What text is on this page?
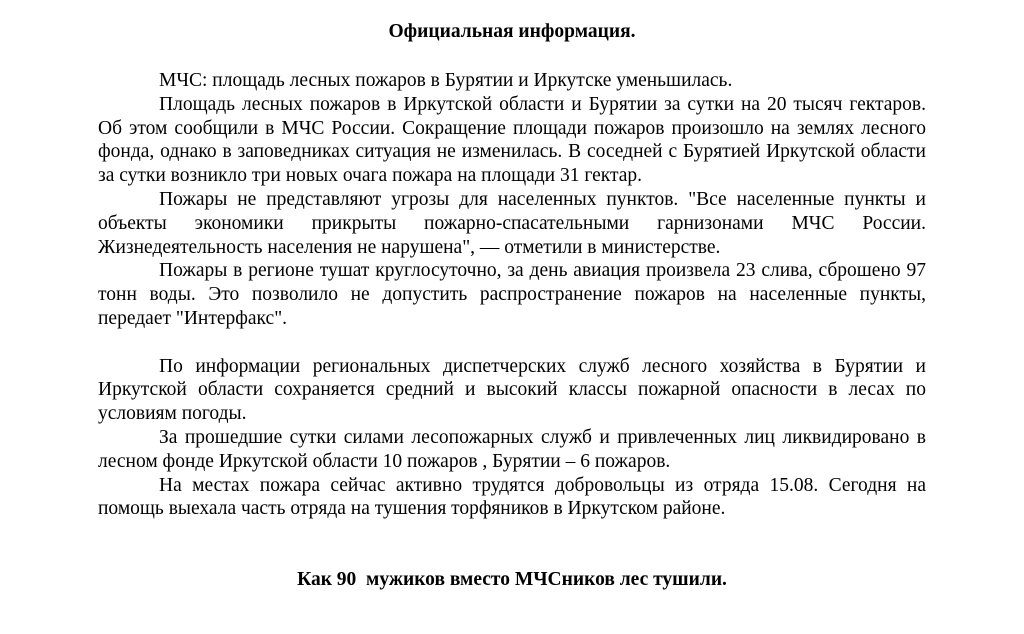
Официальная информация.

МЧС: площадь лесных пожаров в Бурятии и Иркутске уменьшилась.

Площадь лесных пожаров в Иркутской области и Бурятии за сутки на 20 тысяч гектаров. Об этом сообщили в МЧС России. Сокращение площади пожаров произошло на землях лесного фонда, однако в заповедниках ситуация не изменилась. В соседней с Бурятией Иркутской области за сутки возникло три новых очага пожара на площади 31 гектар.

Пожары не представляют угрозы для населенных пунктов. "Все населенные пункты и объекты экономики прикрыты пожарно-спасательными гарнизонами МЧС России. Жизнедеятельность населения не нарушена", — отметили в министерстве.

Пожары в регионе тушат круглосуточно, за день авиация произвела 23 слива, сброшено 97 тонн воды. Это позволило не допустить распространение пожаров на населенные пункты, передает "Интерфакс".

По информации региональных диспетчерских служб лесного хозяйства в Бурятии и Иркутской области сохраняется средний и высокий классы пожарной опасности в лесах по условиям погоды.

За прошедшие сутки силами лесопожарных служб и привлеченных лиц ликвидировано в лесном фонде Иркутской области 10 пожаров , Бурятии – 6 пожаров.

На местах пожара сейчас активно трудятся добровольцы из отряда 15.08. Сегодня на помощь выехала часть отряда на тушения торфяников в Иркутском районе.

Как 90  мужиков вместо МЧСников лес тушили.
